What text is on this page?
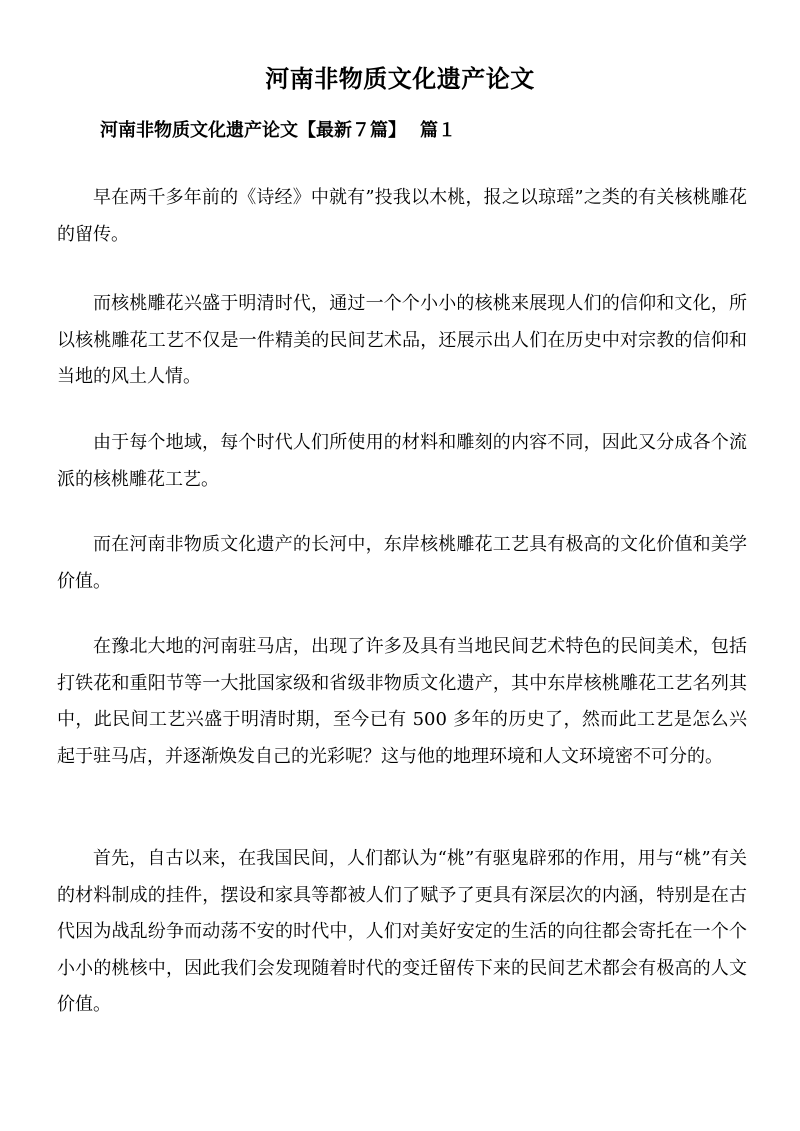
河南非物质文化遗产论文
河南非物质文化遗产论文【最新７篇】 篇１

早在两千多年前的《诗经》中就有”投我以木桃，报之以琼瑶”之类的有关核桃雕花的留传。

而核桃雕花兴盛于明清时代，通过一个个小小的核桃来展现人们的信仰和文化，所以核桃雕花工艺不仅是一件精美的民间艺术品，还展示出人们在历史中对宗教的信仰和当地的风土人情。

由于每个地域，每个时代人们所使用的材料和雕刻的内容不同，因此又分成各个流派的核桃雕花工艺。

而在河南非物质文化遗产的长河中，东岸核桃雕花工艺具有极高的文化价值和美学价值。

在豫北大地的河南驻马店，出现了许多及具有当地民间艺术特色的民间美术，包括打铁花和重阳节等一大批国家级和省级非物质文化遗产，其中东岸核桃雕花工艺名列其中，此民间工艺兴盛于明清时期，至今已有 500 多年的历史了，然而此工艺是怎么兴起于驻马店，并逐渐焕发自己的光彩呢？这与他的地理环境和人文环境密不可分的。

首先，自古以来，在我国民间，人们都认为“桃”有驱鬼辟邪的作用，用与“桃”有关的材料制成的挂件，摆设和家具等都被人们了赋予了更具有深层次的内涵，特别是在古代因为战乱纷争而动荡不安的时代中，人们对美好安定的生活的向往都会寄托在一个个小小的桃核中，因此我们会发现随着时代的变迁留传下来的民间艺术都会有极高的人文价值。
